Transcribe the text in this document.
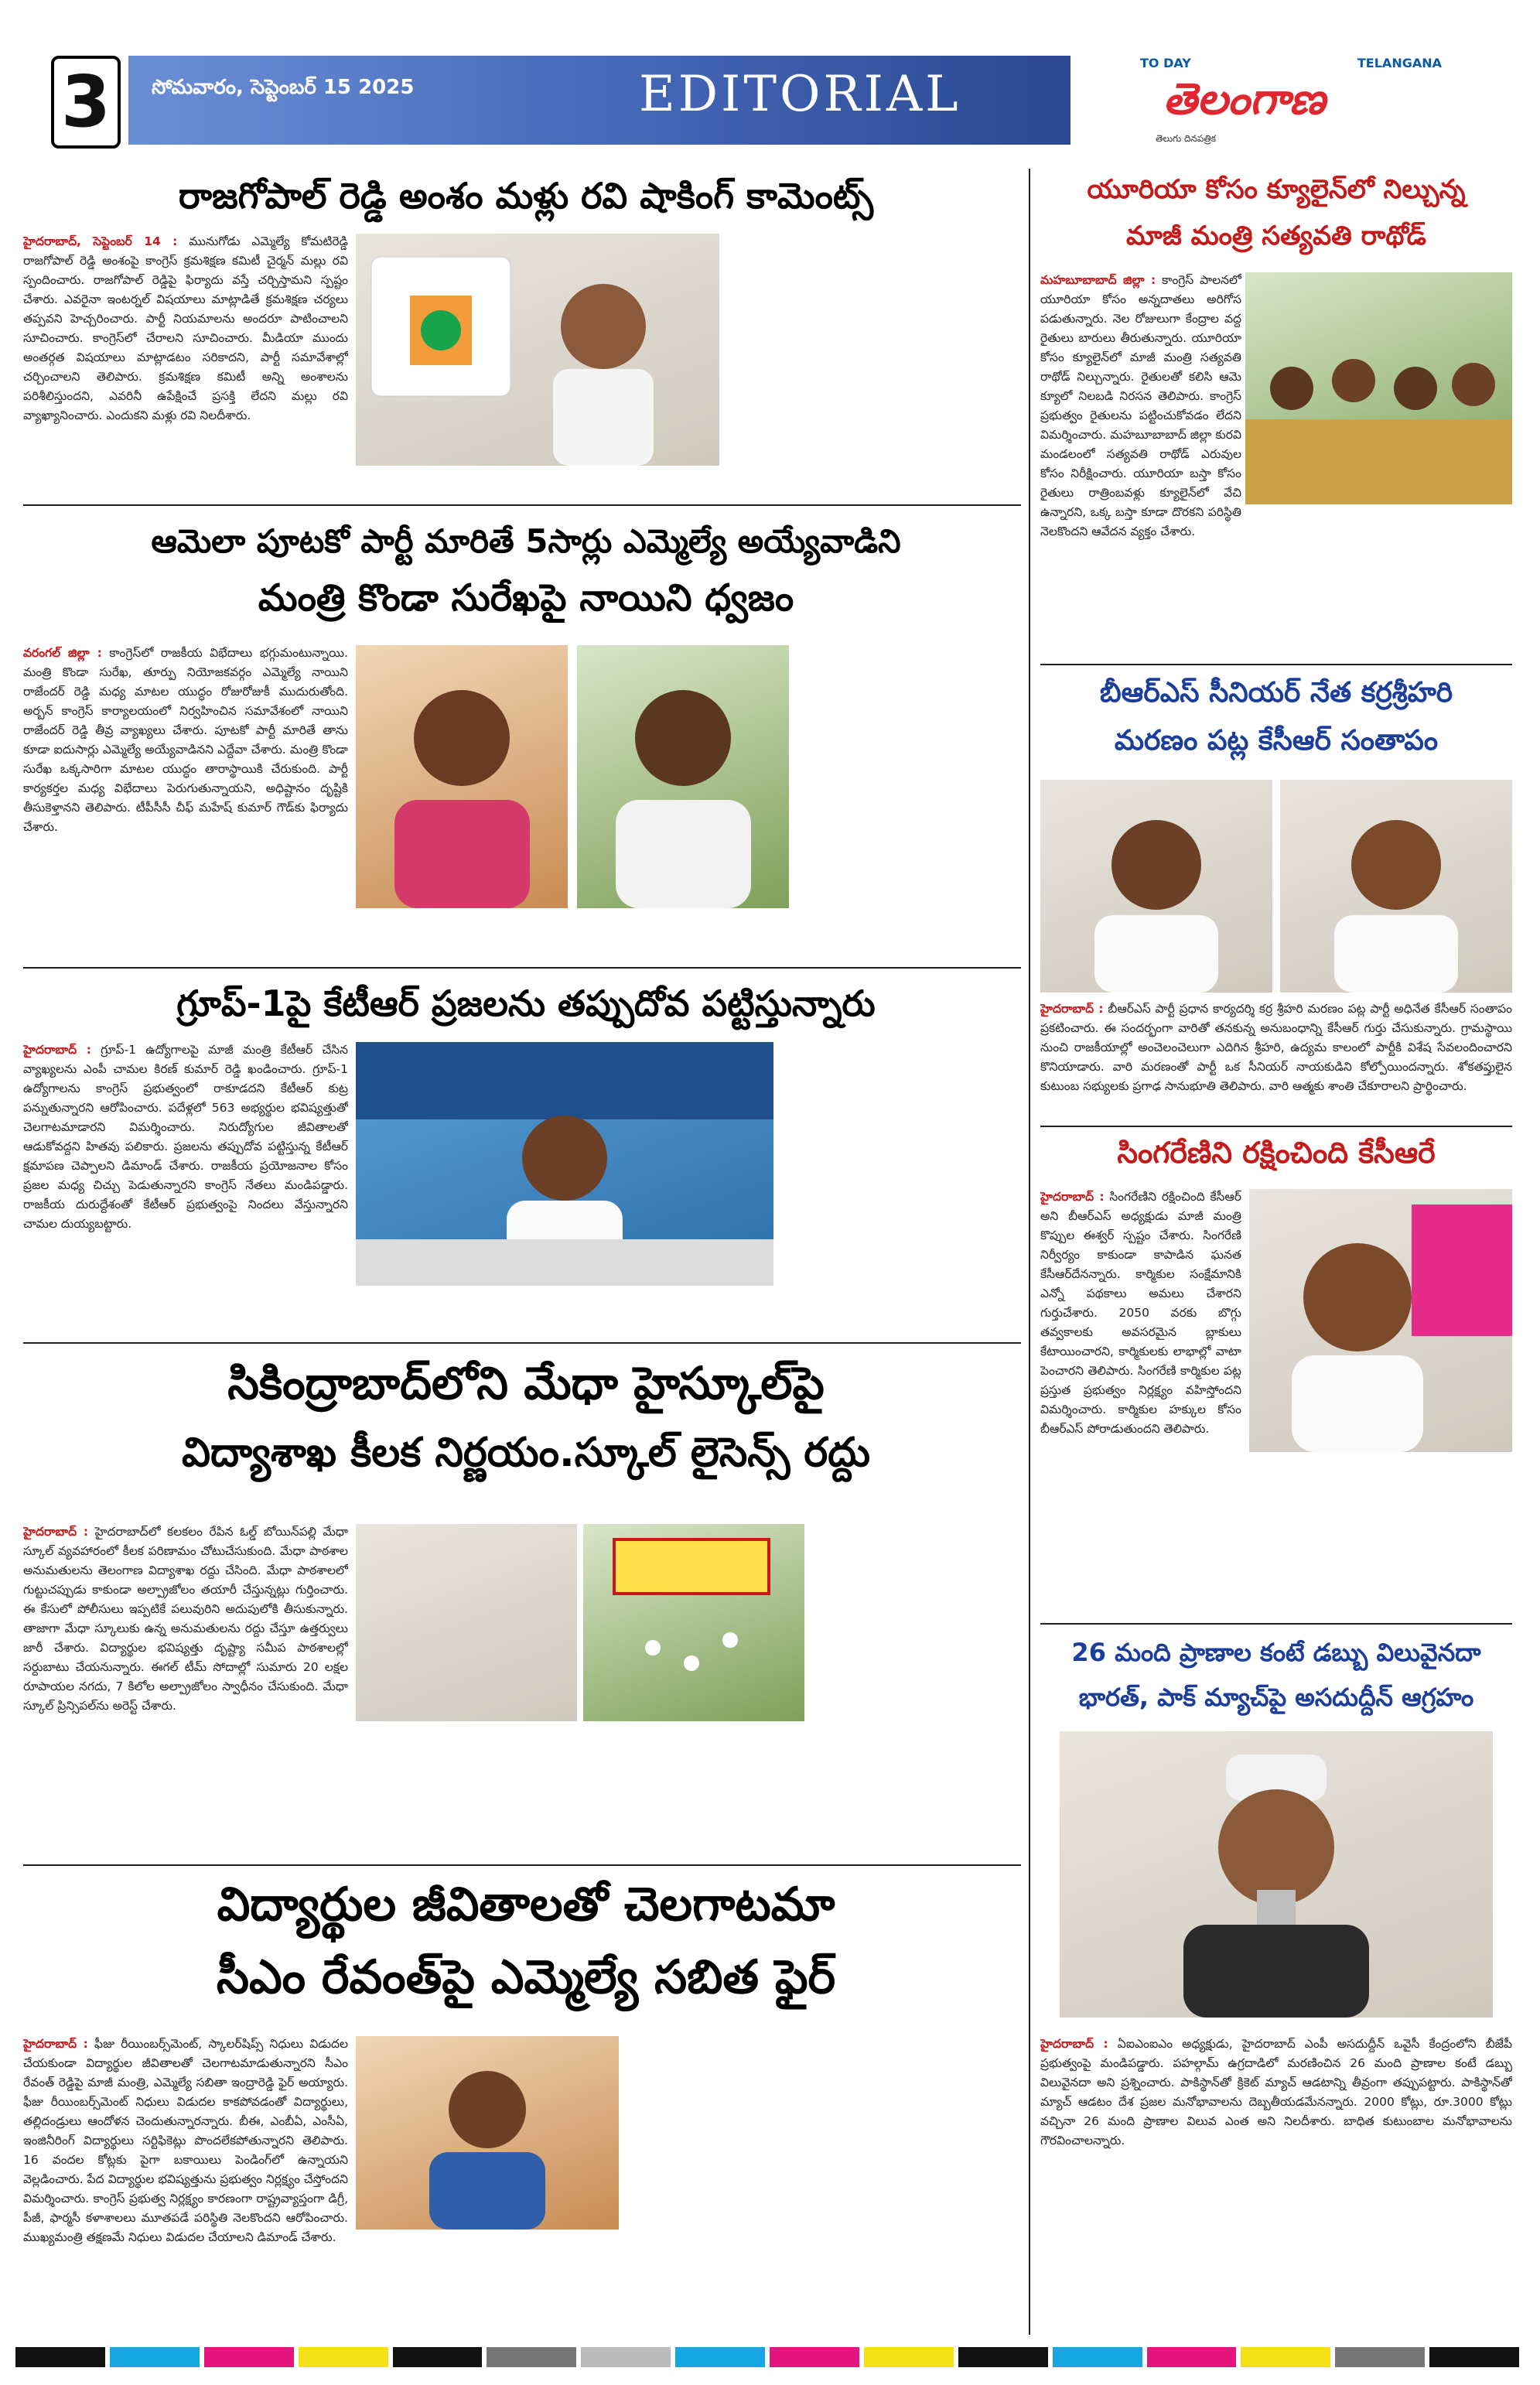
3	సోమవారం, సెప్టెంబర్ 15 2025	EDITORIAL
TO DAY	TELANGANA
తెలంగాణ
తెలుగు దినపత్రిక
రాజగోపాల్ రెడ్డి అంశం మళ్లు రవి షాకింగ్ కామెంట్స్
హైదరాబాద్, సెప్టెంబర్ 14 : మునుగోడు ఎమ్మెల్యే కోమటిరెడ్డి రాజగోపాల్ రెడ్డి అంశంపై కాంగ్రెస్ క్రమశిక్షణ కమిటీ చైర్మన్ మల్లు రవి స్పందించారు. రాజగోపాల్ రెడ్డిపై ఫిర్యాదు వస్తే చర్చిస్తామని స్పష్టం చేశారు. ఎవరైనా ఇంటర్నల్ విషయాలు మాట్లాడితే క్రమశిక్షణ చర్యలు తప్పవని హెచ్చరించారు. పార్టీ నియమాలను అందరూ పాటించాలని సూచించారు. కాంగ్రెస్‌లో చేరాలని సూచించారు. మీడియా ముందు అంతర్గత విషయాలు మాట్లాడటం సరికాదని, పార్టీ సమావేశాల్లో చర్చించాలని తెలిపారు. క్రమశిక్షణ కమిటీ అన్ని అంశాలను పరిశీలిస్తుందని, ఎవరినీ ఉపేక్షించే ప్రసక్తి లేదని మల్లు రవి వ్యాఖ్యానించారు. ఎందుకని మళ్లు రవి నిలదీశారు.
ఆమెలా పూటకో పార్టీ మారితే 5సార్లు ఎమ్మెల్యే అయ్యేవాడిని
మంత్రి కొండా సురేఖపై నాయిని ధ్వజం
వరంగల్ జిల్లా : కాంగ్రెస్‌లో రాజకీయ విభేదాలు భగ్గుమంటున్నాయి. మంత్రి కొండా సురేఖ, తూర్పు నియోజకవర్గం ఎమ్మెల్యే నాయిని రాజేందర్ రెడ్డి మధ్య మాటల యుద్ధం రోజురోజుకీ ముదురుతోంది. అర్బన్ కాంగ్రెస్ కార్యాలయంలో నిర్వహించిన సమావేశంలో నాయిని రాజేందర్ రెడ్డి తీవ్ర వ్యాఖ్యలు చేశారు. పూటకో పార్టీ మారితే తాను కూడా ఐదుసార్లు ఎమ్మెల్యే అయ్యేవాడినని ఎద్దేవా చేశారు. మంత్రి కొండా సురేఖ ఒక్కసారిగా మాటల యుద్ధం తారాస్థాయికి చేరుకుంది. పార్టీ కార్యకర్తల మధ్య విభేదాలు పెరుగుతున్నాయని, అధిష్టానం దృష్టికి తీసుకెళ్తానని తెలిపారు. టీపీసీసీ చీఫ్ మహేష్ కుమార్ గౌడ్‌కు ఫిర్యాదు చేశారు.
గ్రూప్-1పై కేటీఆర్ ప్రజలను తప్పుదోవ పట్టిస్తున్నారు
హైదరాబాద్ : గ్రూప్-1 ఉద్యోగాలపై మాజీ మంత్రి కేటీఆర్ చేసిన వ్యాఖ్యలను ఎంపీ చామల కిరణ్ కుమార్ రెడ్డి ఖండించారు. గ్రూప్-1 ఉద్యోగాలను కాంగ్రెస్ ప్రభుత్వంలో రాకూడదని కేటీఆర్ కుట్ర పన్నుతున్నారని ఆరోపించారు. పదేళ్లలో 563 అభ్యర్థుల భవిష్యత్తుతో చెలగాటమాడారని విమర్శించారు. నిరుద్యోగుల జీవితాలతో ఆడుకోవద్దని హితవు పలికారు. ప్రజలను తప్పుదోవ పట్టిస్తున్న కేటీఆర్ క్షమాపణ చెప్పాలని డిమాండ్ చేశారు. రాజకీయ ప్రయోజనాల కోసం ప్రజల మధ్య చిచ్చు పెడుతున్నారని కాంగ్రెస్ నేతలు మండిపడ్డారు. రాజకీయ దురుద్దేశంతో కేటీఆర్ ప్రభుత్వంపై నిందలు వేస్తున్నారని చామల దుయ్యబట్టారు.
సికింద్రాబాద్‌లోని మేధా హైస్కూల్‌పై
విద్యాశాఖ కీలక నిర్ణయం.స్కూల్ లైసెన్స్ రద్దు
హైదరాబాద్ : హైదరాబాద్‌లో కలకలం రేపిన ఓల్డ్ బోయిన్‌పల్లి మేధా స్కూల్ వ్యవహారంలో కీలక పరిణామం చోటుచేసుకుంది. మేధా పాఠశాల అనుమతులను తెలంగాణ విద్యాశాఖ రద్దు చేసింది. మేధా పాఠశాలలో గుట్టుచప్పుడు కాకుండా అల్ప్రాజోలం తయారీ చేస్తున్నట్లు గుర్తించారు. ఈ కేసులో పోలీసులు ఇప్పటికే పలువురిని అదుపులోకి తీసుకున్నారు. తాజాగా మేధా స్కూలుకు ఉన్న అనుమతులను రద్దు చేస్తూ ఉత్తర్వులు జారీ చేశారు. విద్యార్థుల భవిష్యత్తు దృష్ట్యా సమీప పాఠశాలల్లో సర్దుబాటు చేయనున్నారు. ఈగల్ టీమ్ సోదాల్లో సుమారు 20 లక్షల రూపాయల నగదు, 7 కిలోల అల్ప్రాజోలం స్వాధీనం చేసుకుంది. మేధా స్కూల్ ప్రిన్సిపల్‌ను అరెస్ట్ చేశారు.
విద్యార్థుల జీవితాలతో చెలగాటమా
సీఎం రేవంత్‌పై ఎమ్మెల్యే సబిత ఫైర్
హైదరాబాద్ : ఫీజు రీయింబర్స్‌మెంట్, స్కాలర్‌షిప్స్ నిధులు విడుదల చేయకుండా విద్యార్థుల జీవితాలతో చెలగాటమాడుతున్నారని సీఎం రేవంత్ రెడ్డిపై మాజీ మంత్రి, ఎమ్మెల్యే సబితా ఇంద్రారెడ్డి ఫైర్ అయ్యారు. ఫీజు రీయింబర్స్‌మెంట్ నిధులు విడుదల కాకపోవడంతో విద్యార్థులు, తల్లిదండ్రులు ఆందోళన చెందుతున్నారన్నారు. బీఈ, ఎంబీఏ, ఎంసీఏ, ఇంజినీరింగ్ విద్యార్థులు సర్టిఫికెట్లు పొందలేకపోతున్నారని తెలిపారు. 16 వందల కోట్లకు పైగా బకాయిలు పెండింగ్‌లో ఉన్నాయని వెల్లడించారు. పేద విద్యార్థుల భవిష్యత్తును ప్రభుత్వం నిర్లక్ష్యం చేస్తోందని విమర్శించారు. కాంగ్రెస్ ప్రభుత్వ నిర్లక్ష్యం కారణంగా రాష్ట్రవ్యాప్తంగా డిగ్రీ, పీజీ, ఫార్మసీ కళాశాలలు మూతపడే పరిస్థితి నెలకొందని ఆరోపించారు. ముఖ్యమంత్రి తక్షణమే నిధులు విడుదల చేయాలని డిమాండ్ చేశారు.
యూరియా కోసం క్యూలైన్‌లో నిల్చున్న
మాజీ మంత్రి సత్యవతి రాథోడ్
మహబూబాబాద్ జిల్లా : కాంగ్రెస్ పాలనలో యూరియా కోసం అన్నదాతలు అరిగోస పడుతున్నారు. నెల రోజులుగా కేంద్రాల వద్ద రైతులు బారులు తీరుతున్నారు. యూరియా కోసం క్యూలైన్‌లో మాజీ మంత్రి సత్యవతి రాథోడ్ నిల్చున్నారు. రైతులతో కలిసి ఆమె క్యూలో నిలబడి నిరసన తెలిపారు. కాంగ్రెస్ ప్రభుత్వం రైతులను పట్టించుకోవడం లేదని విమర్శించారు. మహబూబాబాద్ జిల్లా కురవి మండలంలో సత్యవతి రాథోడ్ ఎరువుల కోసం నిరీక్షించారు. యూరియా బస్తా కోసం రైతులు రాత్రింబవళ్లు క్యూలైన్‌లో వేచి ఉన్నారని, ఒక్క బస్తా కూడా దొరకని పరిస్థితి నెలకొందని ఆవేదన వ్యక్తం చేశారు.
బీఆర్ఎస్ సీనియర్ నేత కర్రశ్రీహరి
మరణం పట్ల కేసీఆర్ సంతాపం
హైదరాబాద్ : బీఆర్ఎస్ పార్టీ ప్రధాన కార్యదర్శి కర్ర శ్రీహరి మరణం పట్ల పార్టీ అధినేత కేసీఆర్ సంతాపం ప్రకటించారు. ఈ సందర్భంగా వారితో తనకున్న అనుబంధాన్ని కేసీఆర్ గుర్తు చేసుకున్నారు. గ్రామస్థాయి నుంచి రాజకీయాల్లో అంచెలంచెలుగా ఎదిగిన శ్రీహరి, ఉద్యమ కాలంలో పార్టీకి విశేష సేవలందించారని కొనియాడారు. వారి మరణంతో పార్టీ ఒక సీనియర్ నాయకుడిని కోల్పోయిందన్నారు. శోకతప్తులైన కుటుంబ సభ్యులకు ప్రగాఢ సానుభూతి తెలిపారు. వారి ఆత్మకు శాంతి చేకూరాలని ప్రార్థించారు.
సింగరేణిని రక్షించింది కేసీఆరే
హైదరాబాద్ : సింగరేణిని రక్షించింది కేసీఆర్ అని బీఆర్ఎస్ అధ్యక్షుడు మాజీ మంత్రి కొప్పుల ఈశ్వర్ స్పష్టం చేశారు. సింగరేణి నిర్వీర్యం కాకుండా కాపాడిన ఘనత కేసీఆర్‌దేనన్నారు. కార్మికుల సంక్షేమానికి ఎన్నో పథకాలు అమలు చేశారని గుర్తుచేశారు. 2050 వరకు బొగ్గు తవ్వకాలకు అవసరమైన బ్లాకులు కేటాయించారని, కార్మికులకు లాభాల్లో వాటా పెంచారని తెలిపారు. సింగరేణి కార్మికుల పట్ల ప్రస్తుత ప్రభుత్వం నిర్లక్ష్యం వహిస్తోందని విమర్శించారు. కార్మికుల హక్కుల కోసం బీఆర్ఎస్ పోరాడుతుందని తెలిపారు.
26 మంది ప్రాణాల కంటే డబ్బు విలువైనదా
భారత్, పాక్ మ్యాచ్‌పై అసదుద్దీన్ ఆగ్రహం
హైదరాబాద్ : ఏఐఎంఐఎం అధ్యక్షుడు, హైదరాబాద్ ఎంపీ అసదుద్దీన్ ఒవైసీ కేంద్రంలోని బీజేపీ ప్రభుత్వంపై మండిపడ్డారు. పహల్గామ్ ఉగ్రదాడిలో మరణించిన 26 మంది ప్రాణాల కంటే డబ్బు విలువైనదా అని ప్రశ్నించారు. పాకిస్థాన్‌తో క్రికెట్ మ్యాచ్ ఆడటాన్ని తీవ్రంగా తప్పుపట్టారు. పాకిస్థాన్‌తో మ్యాచ్ ఆడటం దేశ ప్రజల మనోభావాలను దెబ్బతీయడమేనన్నారు. 2000 కోట్లు, రూ.3000 కోట్లు వచ్చినా 26 మంది ప్రాణాల విలువ ఎంత అని నిలదీశారు. బాధిత కుటుంబాల మనోభావాలను గౌరవించాలన్నారు.
